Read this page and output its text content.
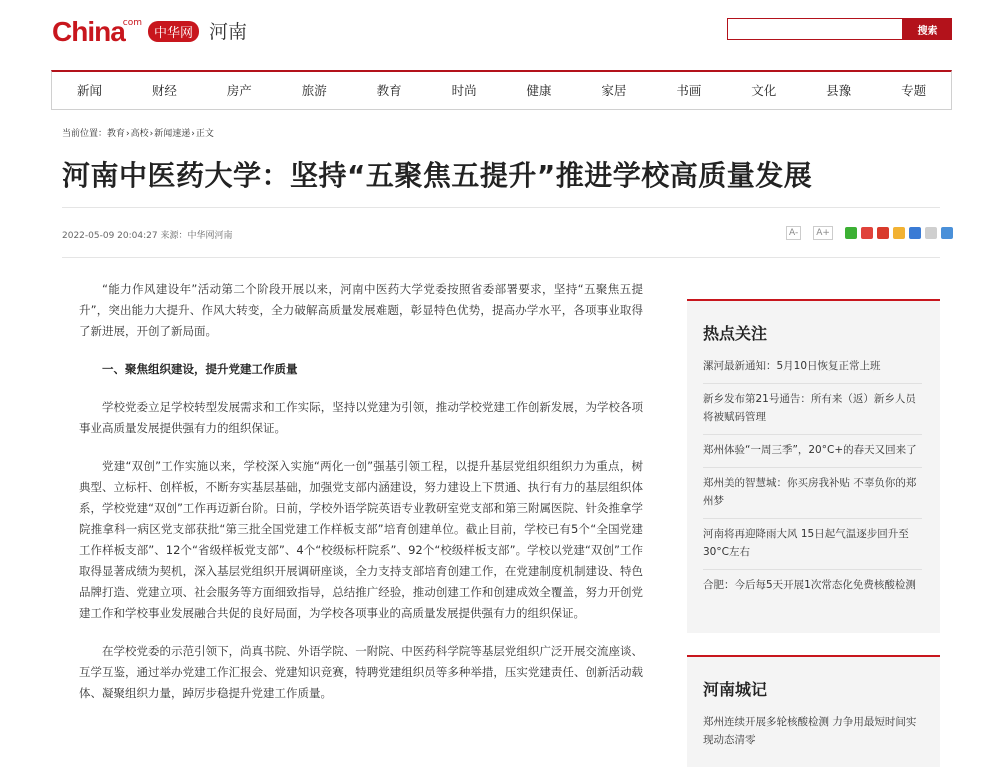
China
com
中华网 河南	搜索
新闻	财经	房产	旅游	教育	时尚	健康	家居	书画	文化	县豫	专题
当前位置：教育›高校›新闻速递›正文
河南中医药大学：坚持“五聚焦五提升”推进学校高质量发展
2022-05-09 20:04:27 来源：中华网河南	A-	A+

“能力作风建设年”活动第二个阶段开展以来，河南中医药大学党委按照省委部署要求，坚持“五聚焦五提升”，突出能力大提升、作风大转变，全力破解高质量发展难题，彰显特色优势，提高办学水平，各项事业取得了新进展，开创了新局面。

一、聚焦组织建设，提升党建工作质量

学校党委立足学校转型发展需求和工作实际，坚持以党建为引领，推动学校党建工作创新发展，为学校各项事业高质量发展提供强有力的组织保证。

党建“双创”工作实施以来，学校深入实施“两化一创”强基引领工程，以提升基层党组织组织力为重点，树典型、立标杆、创样板，不断夯实基层基础，加强党支部内涵建设，努力建设上下贯通、执行有力的基层组织体系，学校党建“双创”工作再迈新台阶。日前，学校外语学院英语专业教研室党支部和第三附属医院、针灸推拿学院推拿科一病区党支部获批“第三批全国党建工作样板支部”培育创建单位。截止目前，学校已有5个“全国党建工作样板支部”、12个“省级样板党支部”、4个“校级标杆院系”、92个“校级样板支部”。学校以党建“双创”工作取得显著成绩为契机，深入基层党组织开展调研座谈，全力支持支部培育创建工作，在党建制度机制建设、特色品牌打造、党建立项、社会服务等方面细致指导，总结推广经验，推动创建工作和创建成效全覆盖，努力开创党建工作和学校事业发展融合共促的良好局面，为学校各项事业的高质量发展提供强有力的组织保证。

在学校党委的示范引领下，尚真书院、外语学院、一附院、中医药科学院等基层党组织广泛开展交流座谈、互学互鉴，通过举办党建工作汇报会、党建知识竞赛，特聘党建组织员等多种举措，压实党建责任、创新活动载体、凝聚组织力量，踔厉步稳提升党建工作质量。

热点关注
漯河最新通知：5月10日恢复正常上班
新乡发布第21号通告：所有来（返）新乡人员将被赋码管理
郑州体验“一周三季”，20°C+的春天又回来了
郑州美的智慧城：你买房我补贴 不辜负你的郑州梦
河南将再迎降雨大风 15日起气温逐步回升至30°C左右
合肥：今后每5天开展1次常态化免费核酸检测
河南城记
郑州连续开展多轮核酸检测 力争用最短时间实现动态清零
